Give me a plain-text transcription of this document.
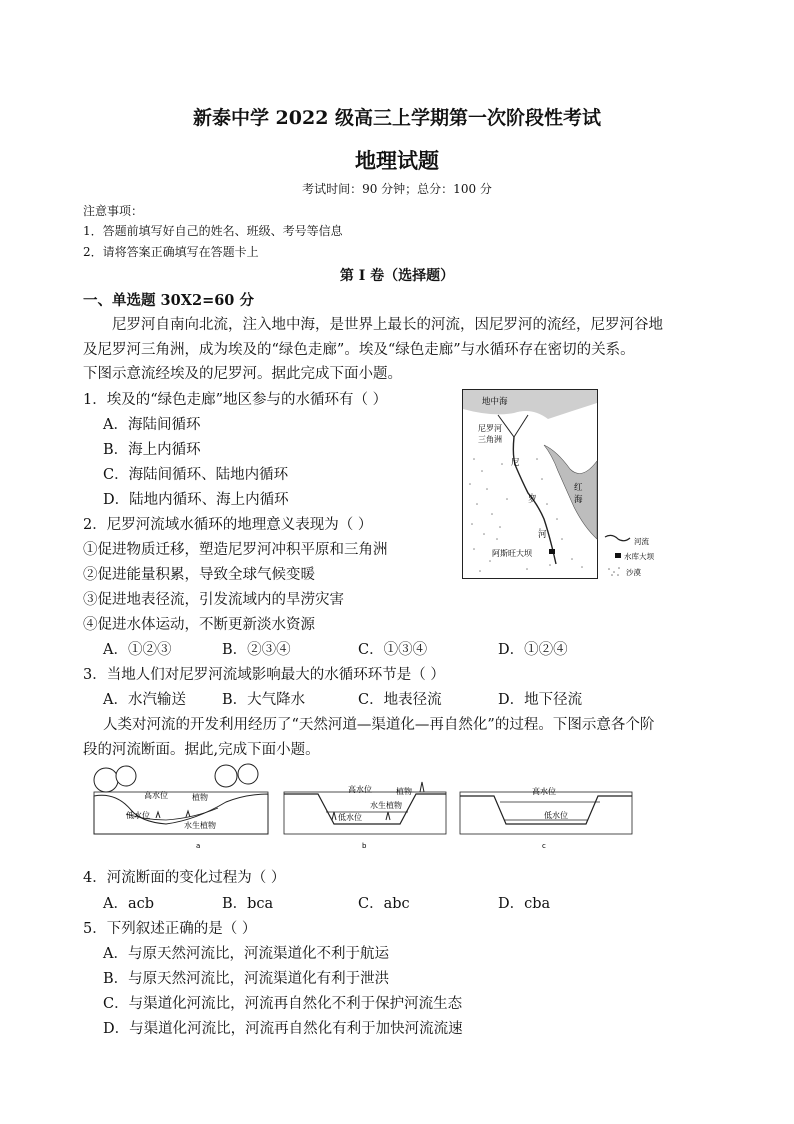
新泰中学 2022 级高三上学期第一次阶段性考试
地理试题
考试时间：90 分钟；总分：100 分
注意事项：
1．答题前填写好自己的姓名、班级、考号等信息
2．请将答案正确填写在答题卡上
第 I 卷（选择题）
一、单选题 30X2=60 分
尼罗河自南向北流，注入地中海，是世界上最长的河流，因尼罗河的流经，尼罗河谷地
及尼罗河三角洲，成为埃及的“绿色走廊”。埃及“绿色走廊”与水循环存在密切的关系。
下图示意流经埃及的尼罗河。据此完成下面小题。
1．埃及的“绿色走廊”地区参与的水循环有（ ）
A．海陆间循环
B．海上内循环
C．海陆间循环、陆地内循环
D．陆地内循环、海上内循环
2．尼罗河流域水循环的地理意义表现为（ ）
①促进物质迁移，塑造尼罗河冲积平原和三角洲
②促进能量积累，导致全球气候变暖
③促进地表径流，引发流域内的旱涝灾害
④促进水体运动，不断更新淡水资源
A．①②③	B．②③④	C．①③④	D．①②④
3．当地人们对尼罗河流域影响最大的水循环环节是（ ）
A．水汽输送 B．大气降水	C．地表径流	D．地下径流
人类对河流的开发利用经历了“天然河道—渠道化—再自然化”的过程。下图示意各个阶
段的河流断面。据此,完成下面小题。
地中海
尼罗河
三角洲
尼
罗
河
红
海
阿斯旺大坝
河流
水库大坝
沙漠
高水位	植物
低水位
水生植物
a
高水位	植物
水生植物
低水位
b
高水位
低水位
c
4．河流断面的变化过程为（ ）
A．acb	B．bca	C．abc	D．cba
5．下列叙述正确的是（ ）
A．与原天然河流比，河流渠道化不利于航运
B．与原天然河流比，河流渠道化有利于泄洪
C．与渠道化河流比，河流再自然化不利于保护河流生态
D．与渠道化河流比，河流再自然化有利于加快河流流速
